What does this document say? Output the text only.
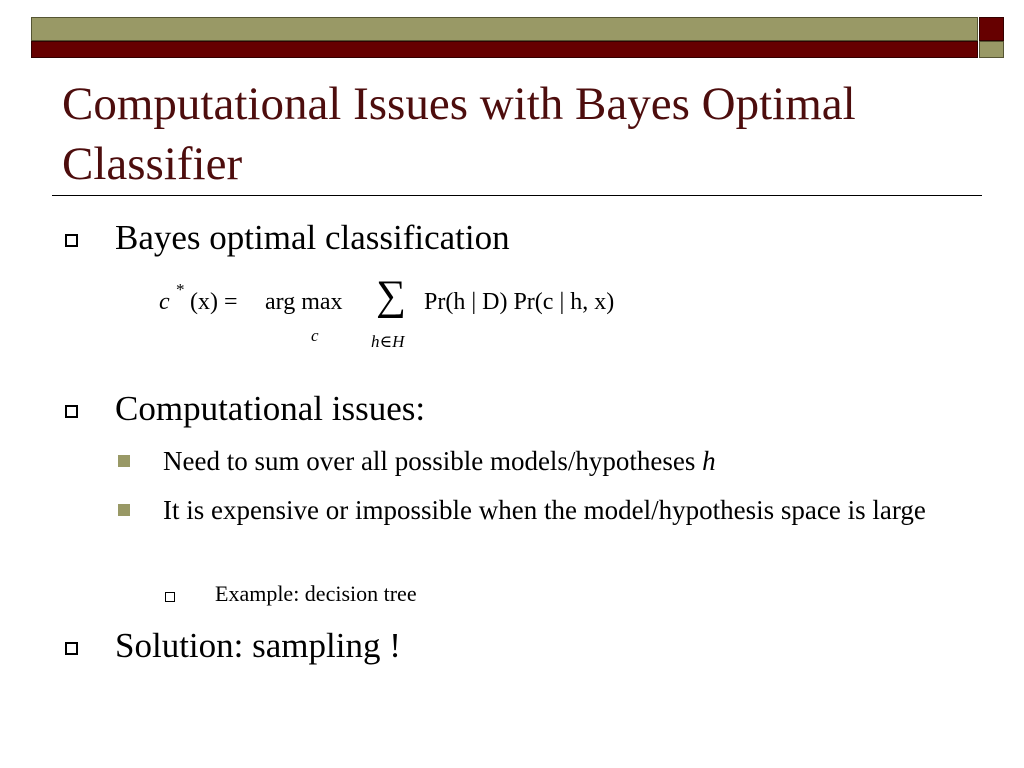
Computational Issues with Bayes Optimal Classifier
Bayes optimal classification
c * (x) = arg max
c
∑
h∈H
Pr(h | D) Pr(c | h, x)
Computational issues:
Need to sum over all possible models/hypotheses h
It is expensive or impossible when the model/hypothesis space is large
Example: decision tree
Solution: sampling !
